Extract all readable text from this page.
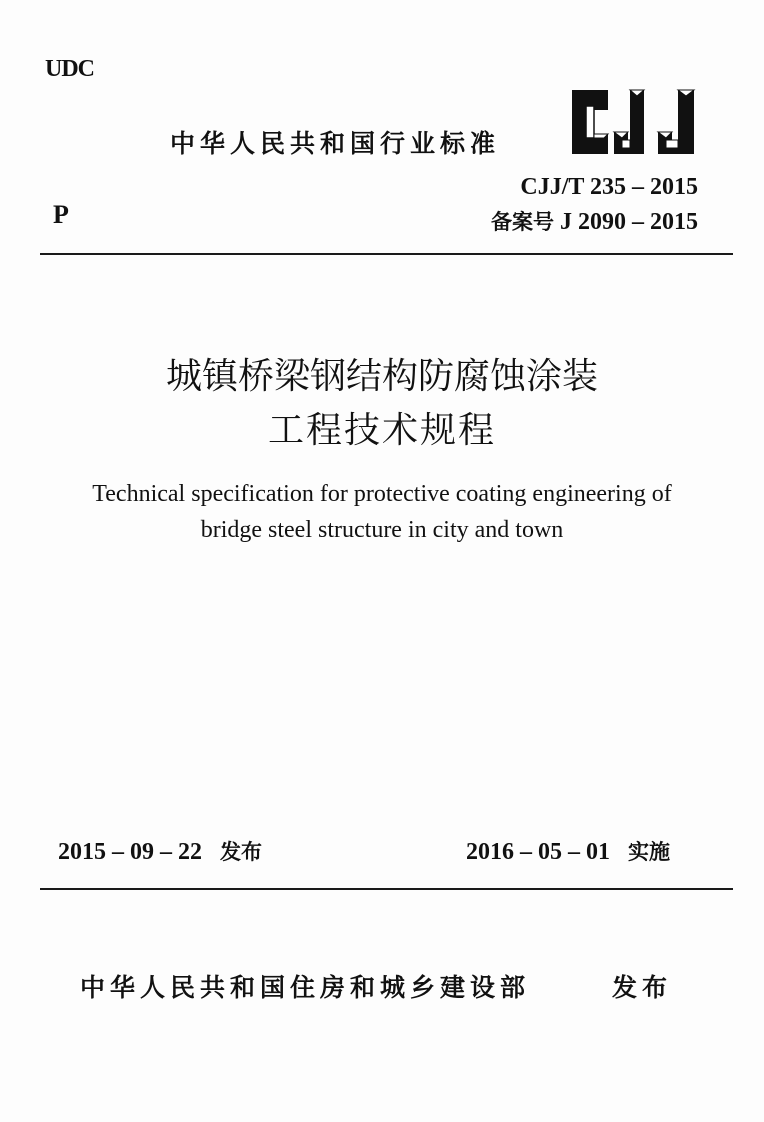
UDC
中华人民共和国行业标准
CJJ/T 235 – 2015
备案号 J 2090 – 2015
P
城镇桥梁钢结构防腐蚀涂装
工程技术规程
Technical specification for protective coating engineering of
bridge steel structure in city and town
2015 – 09 – 22 发布	2016 – 05 – 01 实施
中华人民共和国住房和城乡建设部	发布
